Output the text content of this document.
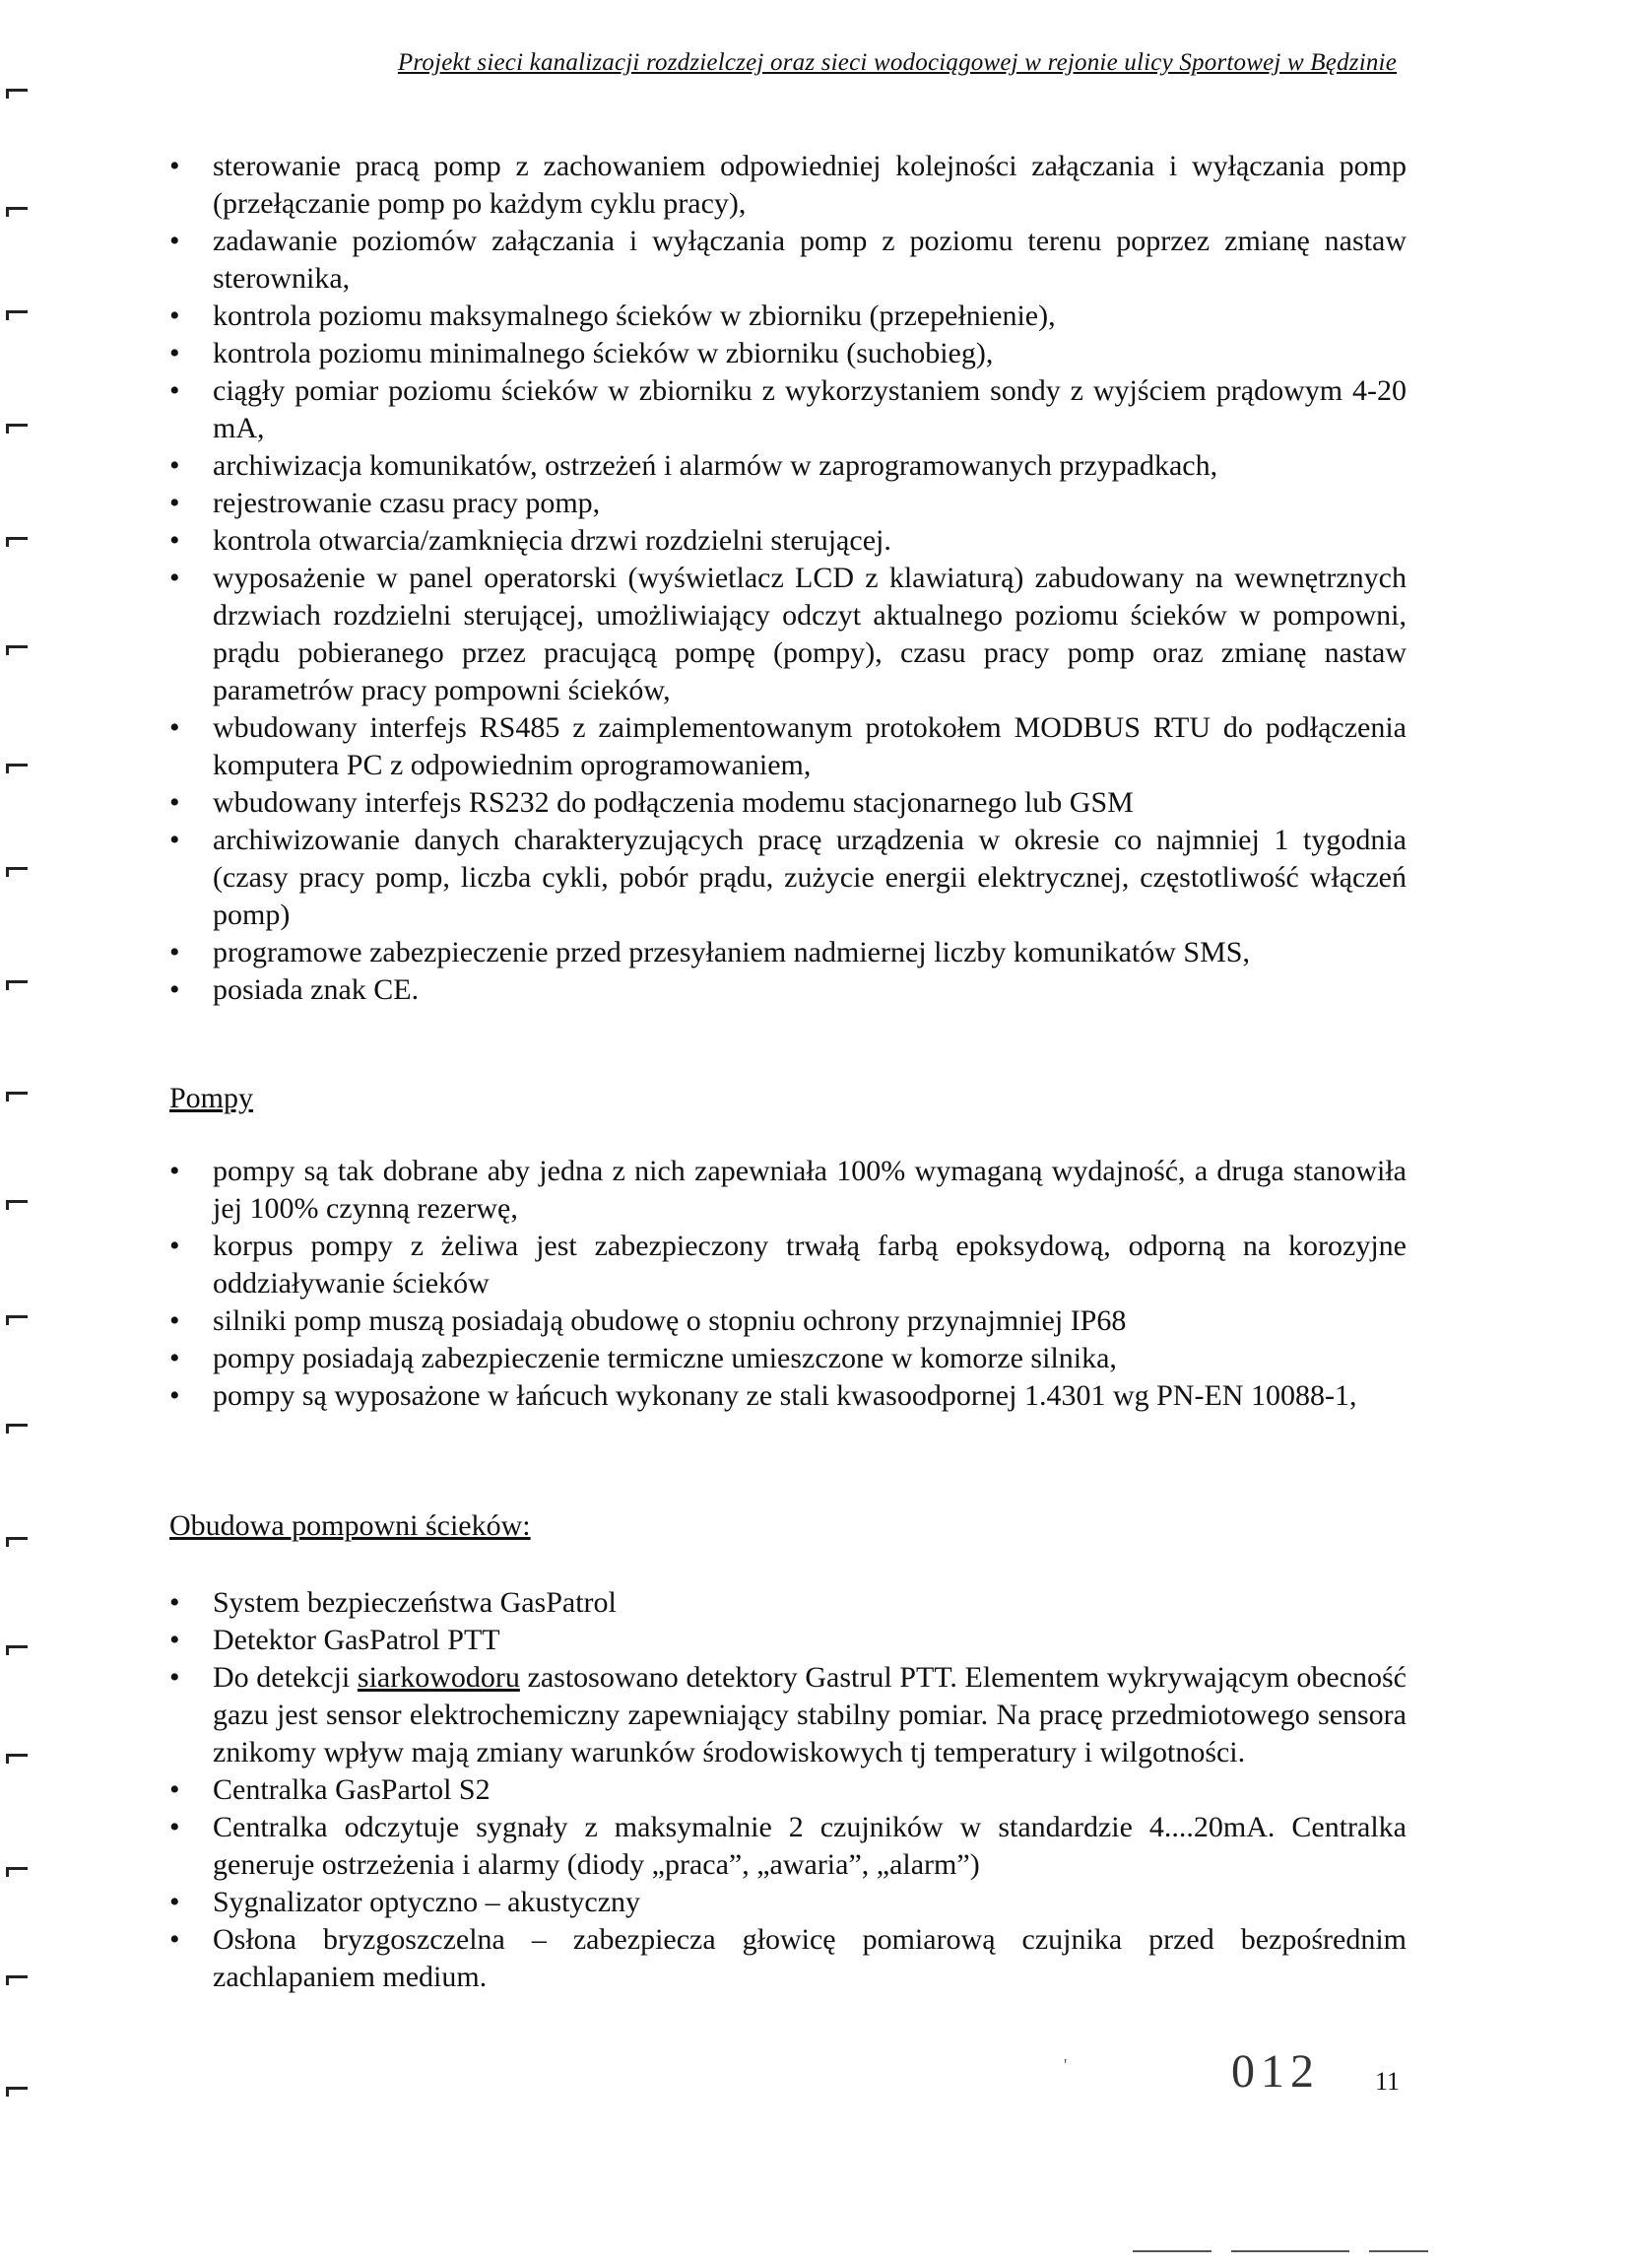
Projekt sieci kanalizacji rozdzielczej oraz sieci wodociągowej w rejonie ulicy Sportowej w Będzinie
• sterowanie pracą pomp z zachowaniem odpowiedniej kolejności załączania i wyłączania pomp (przełączanie pomp po każdym cyklu pracy),
• zadawanie poziomów załączania i wyłączania pomp z poziomu terenu poprzez zmianę nastaw sterownika,
• kontrola poziomu maksymalnego ścieków w zbiorniku (przepełnienie),
• kontrola poziomu minimalnego ścieków w zbiorniku (suchobieg),
• ciągły pomiar poziomu ścieków w zbiorniku z wykorzystaniem sondy z wyjściem prądowym 4-20 mA,
• archiwizacja komunikatów, ostrzeżeń i alarmów w zaprogramowanych przypadkach,
• rejestrowanie czasu pracy pomp,
• kontrola otwarcia/zamknięcia drzwi rozdzielni sterującej.
• wyposażenie w panel operatorski (wyświetlacz LCD z klawiaturą) zabudowany na wewnętrznych drzwiach rozdzielni sterującej, umożliwiający odczyt aktualnego poziomu ścieków w pompowni, prądu pobieranego przez pracującą pompę (pompy), czasu pracy pomp oraz zmianę nastaw parametrów pracy pompowni ścieków,
• wbudowany interfejs RS485 z zaimplementowanym protokołem MODBUS RTU do podłączenia komputera PC z odpowiednim oprogramowaniem,
• wbudowany interfejs RS232 do podłączenia modemu stacjonarnego lub GSM
• archiwizowanie danych charakteryzujących pracę urządzenia w okresie co najmniej 1 tygodnia (czasy pracy pomp, liczba cykli, pobór prądu, zużycie energii elektrycznej, częstotliwość włączeń pomp)
• programowe zabezpieczenie przed przesyłaniem nadmiernej liczby komunikatów SMS,
• posiada znak CE.
Pompy
• pompy są tak dobrane aby jedna z nich zapewniała 100% wymaganą wydajność, a druga stanowiła jej 100% czynną rezerwę,
• korpus pompy z żeliwa jest zabezpieczony trwałą farbą epoksydową, odporną na korozyjne oddziaływanie ścieków
• silniki pomp muszą posiadają obudowę o stopniu ochrony przynajmniej IP68
• pompy posiadają zabezpieczenie termiczne umieszczone w komorze silnika,
• pompy są wyposażone w łańcuch wykonany ze stali kwasoodpornej 1.4301 wg PN-EN 10088-1,
Obudowa pompowni ścieków:
• System bezpieczeństwa GasPatrol
• Detektor GasPatrol PTT
• Do detekcji siarkowodoru zastosowano detektory Gastrul PTT. Elementem wykrywającym obecność gazu jest sensor elektrochemiczny zapewniający stabilny pomiar. Na pracę przedmiotowego sensora znikomy wpływ mają zmiany warunków środowiskowych tj temperatury i wilgotności.
• Centralka GasPartol S2
• Centralka odczytuje sygnały z maksymalnie 2 czujników w standardzie 4....20mA. Centralka generuje ostrzeżenia i alarmy (diody „praca”, „awaria”, „alarm”)
• Sygnalizator optyczno – akustyczny
• Osłona bryzgoszczelna – zabezpiecza głowicę pomiarową czujnika przed bezpośrednim zachlapaniem medium.
'	012 11
